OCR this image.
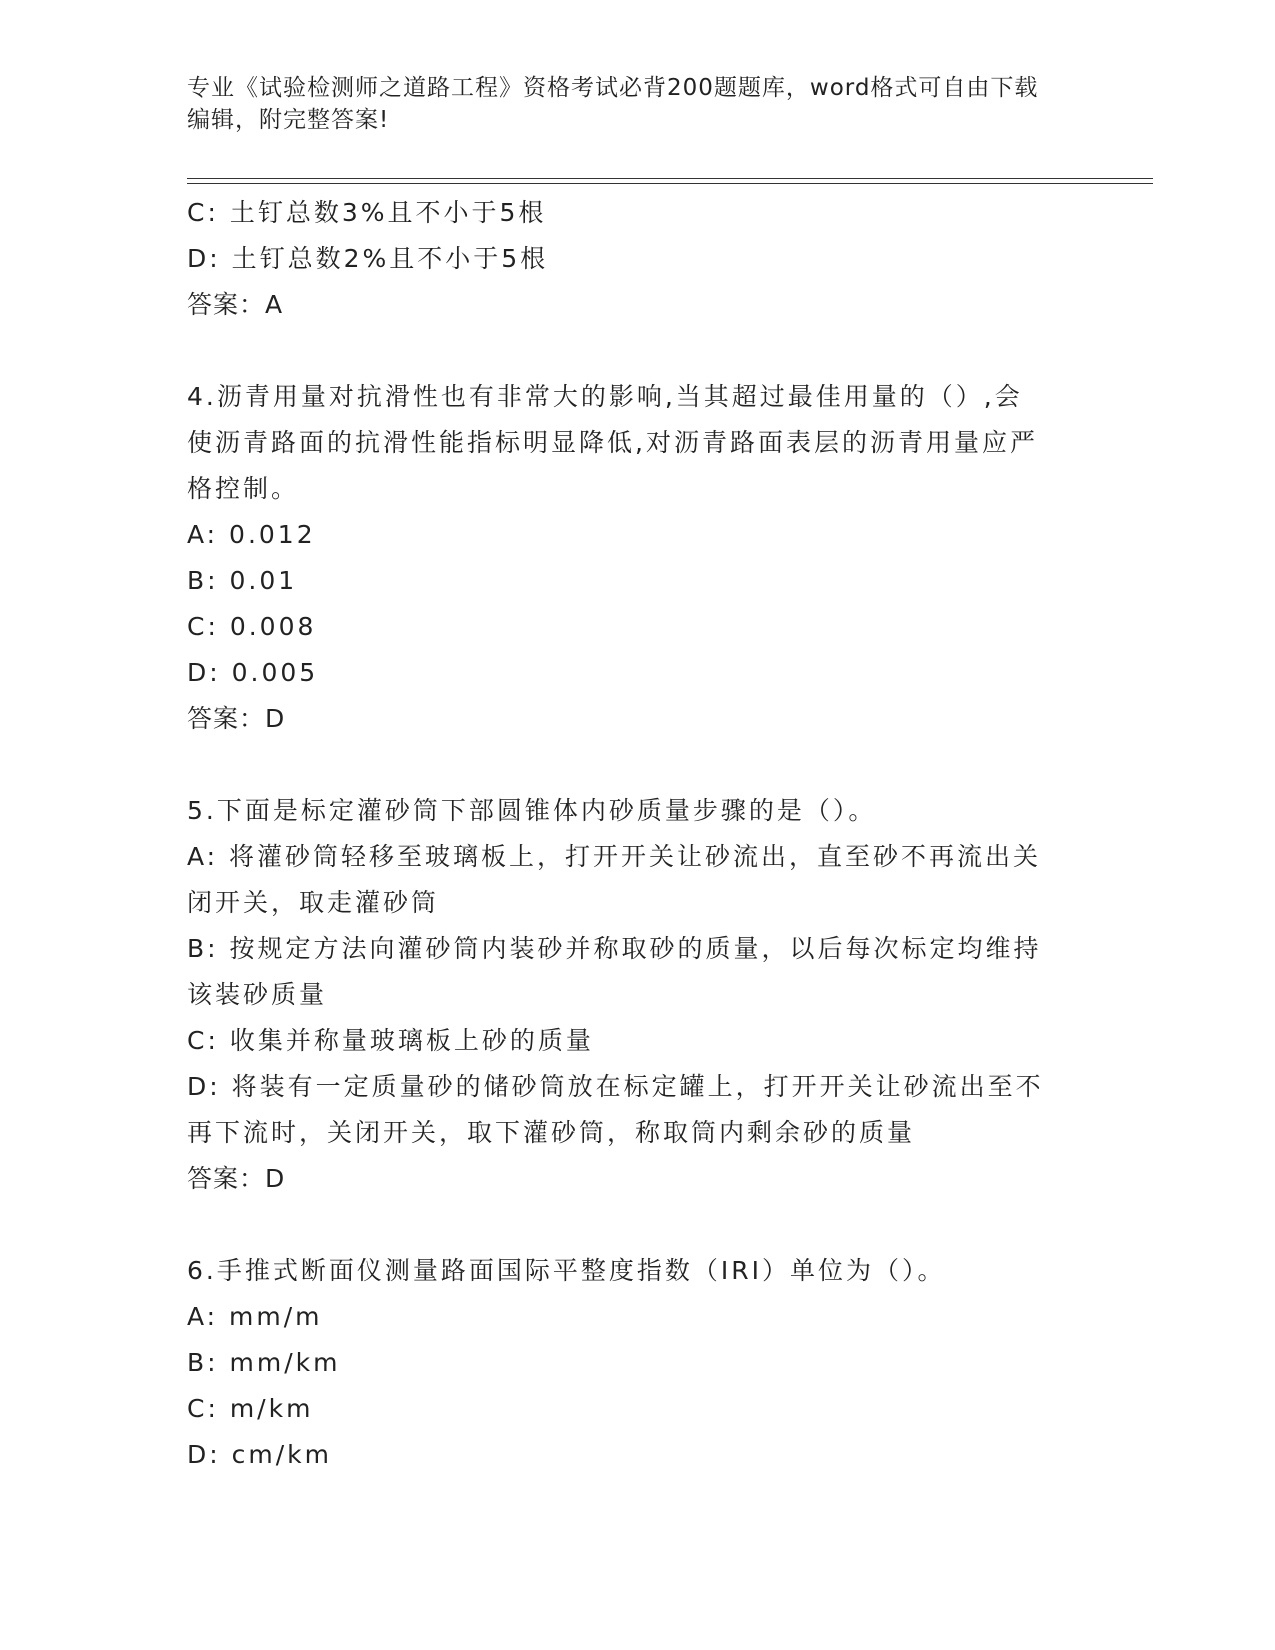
专业《试验检测师之道路工程》资格考试必背200题题库，word格式可自由下载
编辑，附完整答案!
C: 土钉总数3%且不小于5根
D: 土钉总数2%且不小于5根
答案：A
4.沥青用量对抗滑性也有非常大的影响,当其超过最佳用量的（）,会
使沥青路面的抗滑性能指标明显降低,对沥青路面表层的沥青用量应严
格控制。
A: 0.012
B: 0.01
C: 0.008
D: 0.005
答案：D
5.下面是标定灌砂筒下部圆锥体内砂质量步骤的是（）。
A: 将灌砂筒轻移至玻璃板上，打开开关让砂流出，直至砂不再流出关
闭开关，取走灌砂筒
B: 按规定方法向灌砂筒内装砂并称取砂的质量，以后每次标定均维持
该装砂质量
C: 收集并称量玻璃板上砂的质量
D: 将装有一定质量砂的储砂筒放在标定罐上，打开开关让砂流出至不
再下流时，关闭开关，取下灌砂筒，称取筒内剩余砂的质量
答案：D
6.手推式断面仪测量路面国际平整度指数（IRI）单位为（）。
A: mm/m
B: mm/km
C: m/km
D: cm/km
